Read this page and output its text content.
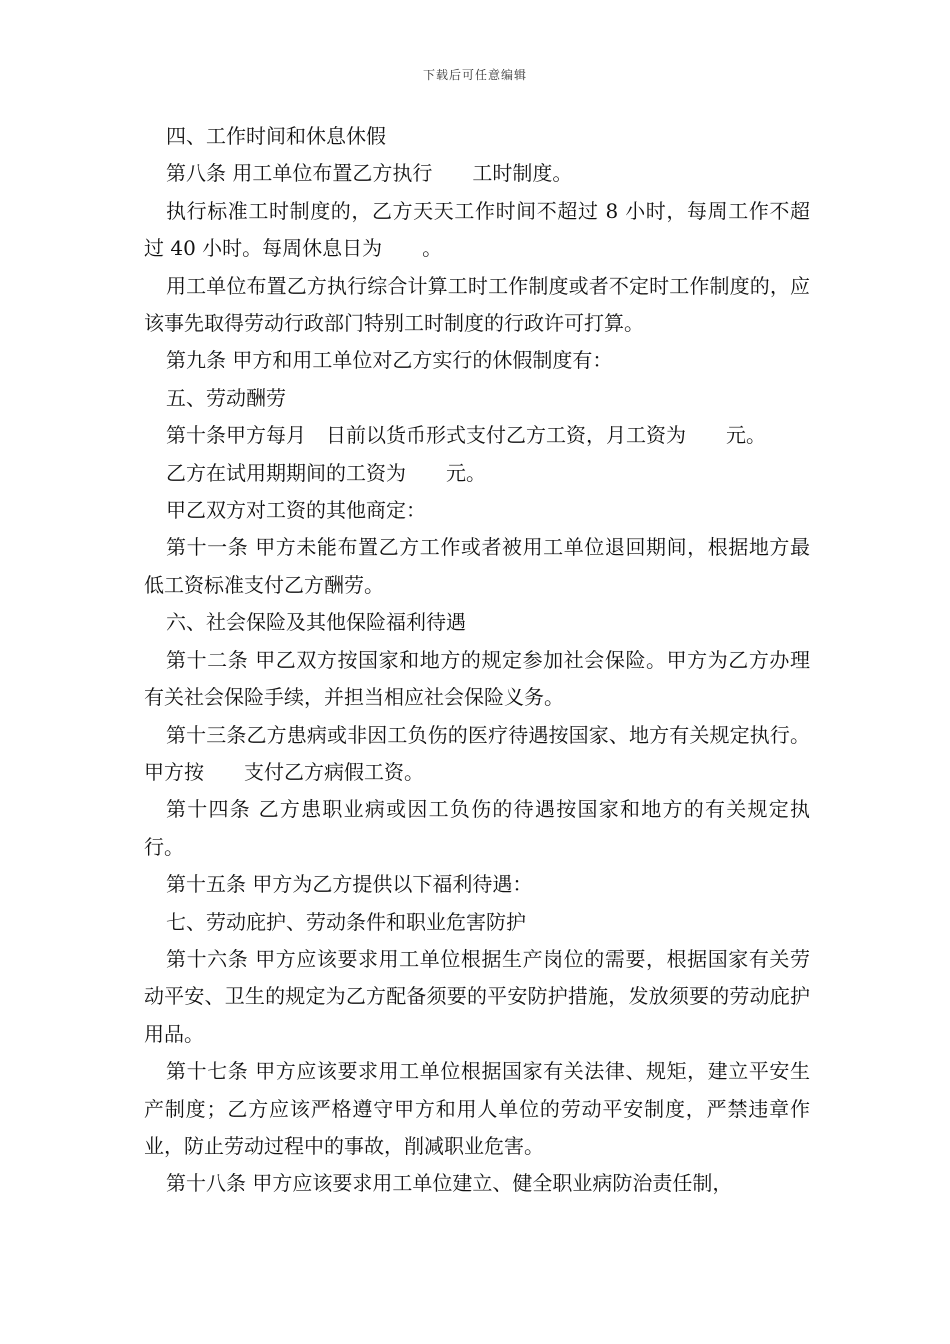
下载后可任意编辑

四、工作时间和休息休假

第八条 用工单位布置乙方执行　　工时制度。

执行标准工时制度的，乙方天天工作时间不超过 8 小时，每周工作不超过 40 小时。每周休息日为　　。

用工单位布置乙方执行综合计算工时工作制度或者不定时工作制度的，应该事先取得劳动行政部门特别工时制度的行政许可打算。

第九条 甲方和用工单位对乙方实行的休假制度有：

五、劳动酬劳

第十条甲方每月　日前以货币形式支付乙方工资，月工资为　　元。

乙方在试用期期间的工资为　　元。

甲乙双方对工资的其他商定：

第十一条 甲方未能布置乙方工作或者被用工单位退回期间，根据地方最低工资标准支付乙方酬劳。

六、社会保险及其他保险福利待遇

第十二条 甲乙双方按国家和地方的规定参加社会保险。甲方为乙方办理有关社会保险手续，并担当相应社会保险义务。

第十三条乙方患病或非因工负伤的医疗待遇按国家、地方有关规定执行。甲方按　　支付乙方病假工资。

第十四条 乙方患职业病或因工负伤的待遇按国家和地方的有关规定执行。

第十五条 甲方为乙方提供以下福利待遇：

七、劳动庇护、劳动条件和职业危害防护

第十六条 甲方应该要求用工单位根据生产岗位的需要，根据国家有关劳动平安、卫生的规定为乙方配备须要的平安防护措施，发放须要的劳动庇护用品。

第十七条 甲方应该要求用工单位根据国家有关法律、规矩，建立平安生产制度；乙方应该严格遵守甲方和用人单位的劳动平安制度，严禁违章作业，防止劳动过程中的事故，削减职业危害。

第十八条 甲方应该要求用工单位建立、健全职业病防治责任制，
